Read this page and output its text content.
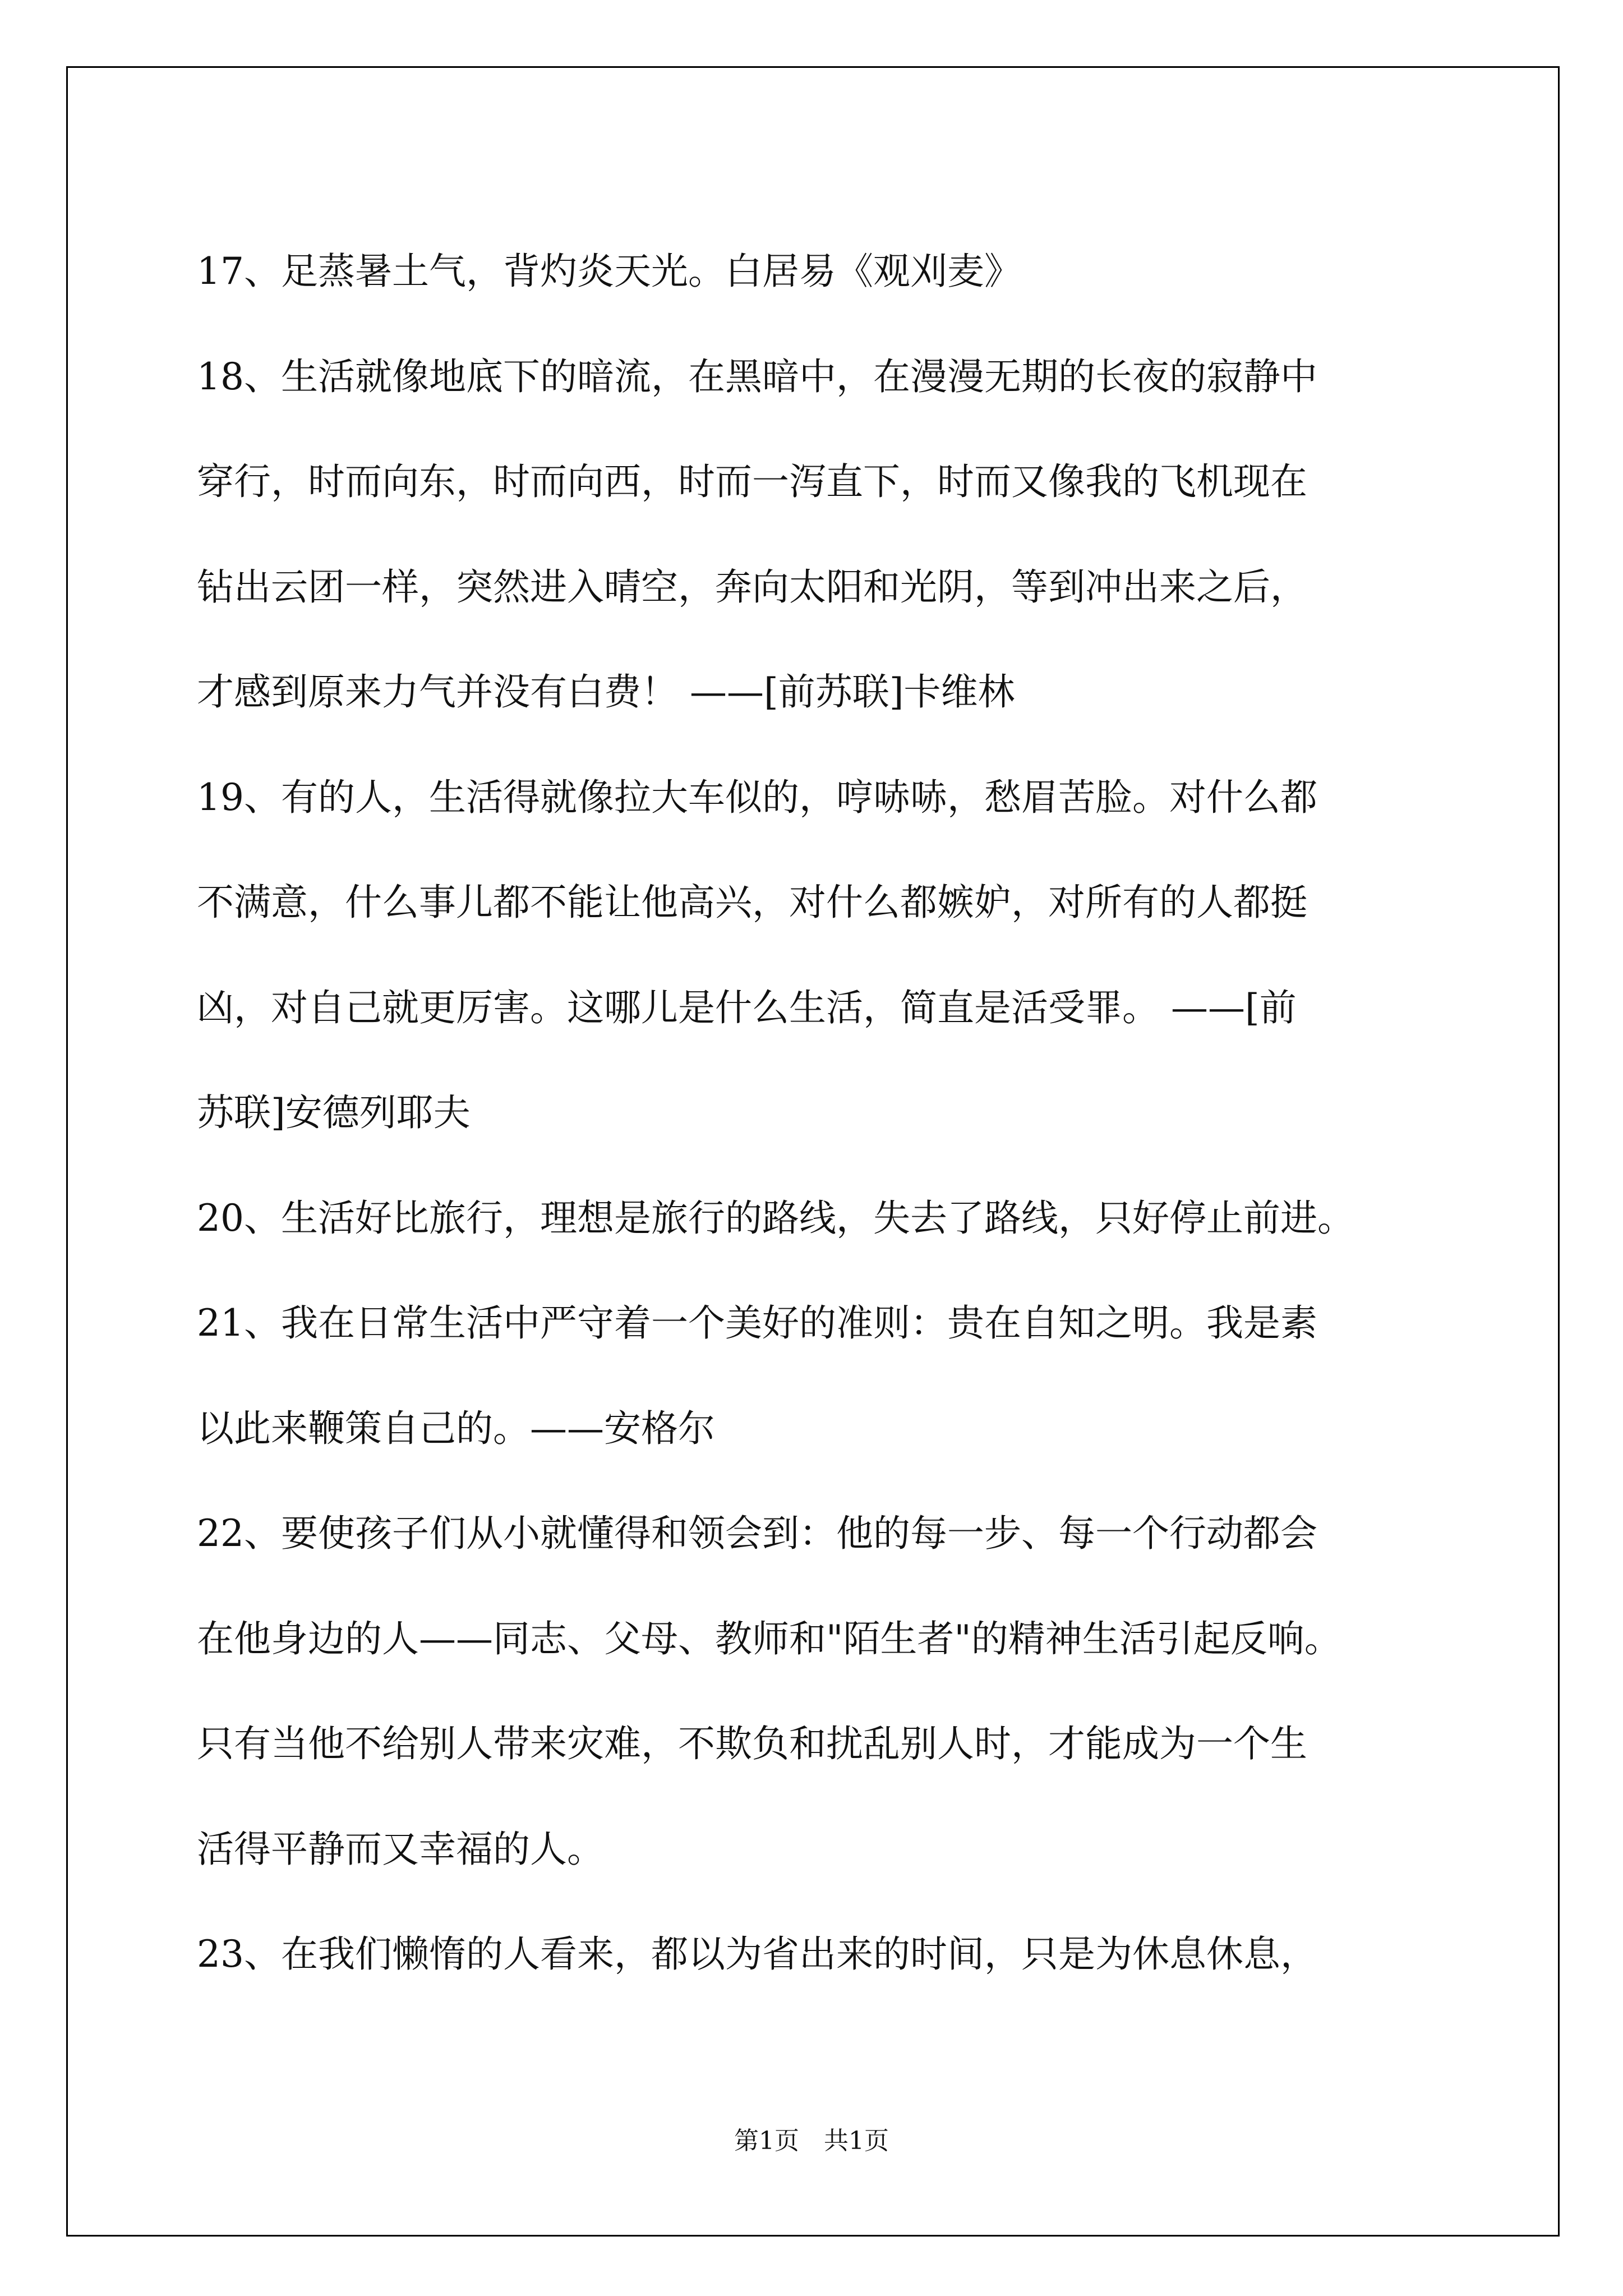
17、足蒸暑土气，背灼炎天光。白居易《观刈麦》
18、生活就像地底下的暗流，在黑暗中，在漫漫无期的长夜的寂静中
穿行，时而向东，时而向西，时而一泻直下，时而又像我的飞机现在
钻出云团一样，突然进入晴空，奔向太阳和光阴，等到冲出来之后，
才感到原来力气并没有白费！ ——[前苏联]卡维林
19、有的人，生活得就像拉大车似的，哼哧哧，愁眉苦脸。对什么都
不满意，什么事儿都不能让他高兴，对什么都嫉妒，对所有的人都挺
凶，对自己就更厉害。这哪儿是什么生活，简直是活受罪。 ——[前
苏联]安德列耶夫
20、生活好比旅行，理想是旅行的路线，失去了路线，只好停止前进。
21、我在日常生活中严守着一个美好的准则：贵在自知之明。我是素
以此来鞭策自己的。——安格尔
22、要使孩子们从小就懂得和领会到：他的每一步、每一个行动都会
在他身边的人——同志、父母、教师和"陌生者"的精神生活引起反响。
只有当他不给别人带来灾难，不欺负和扰乱别人时，才能成为一个生
活得平静而又幸福的人。
23、在我们懒惰的人看来，都以为省出来的时间，只是为休息休息，
第1页　共1页
